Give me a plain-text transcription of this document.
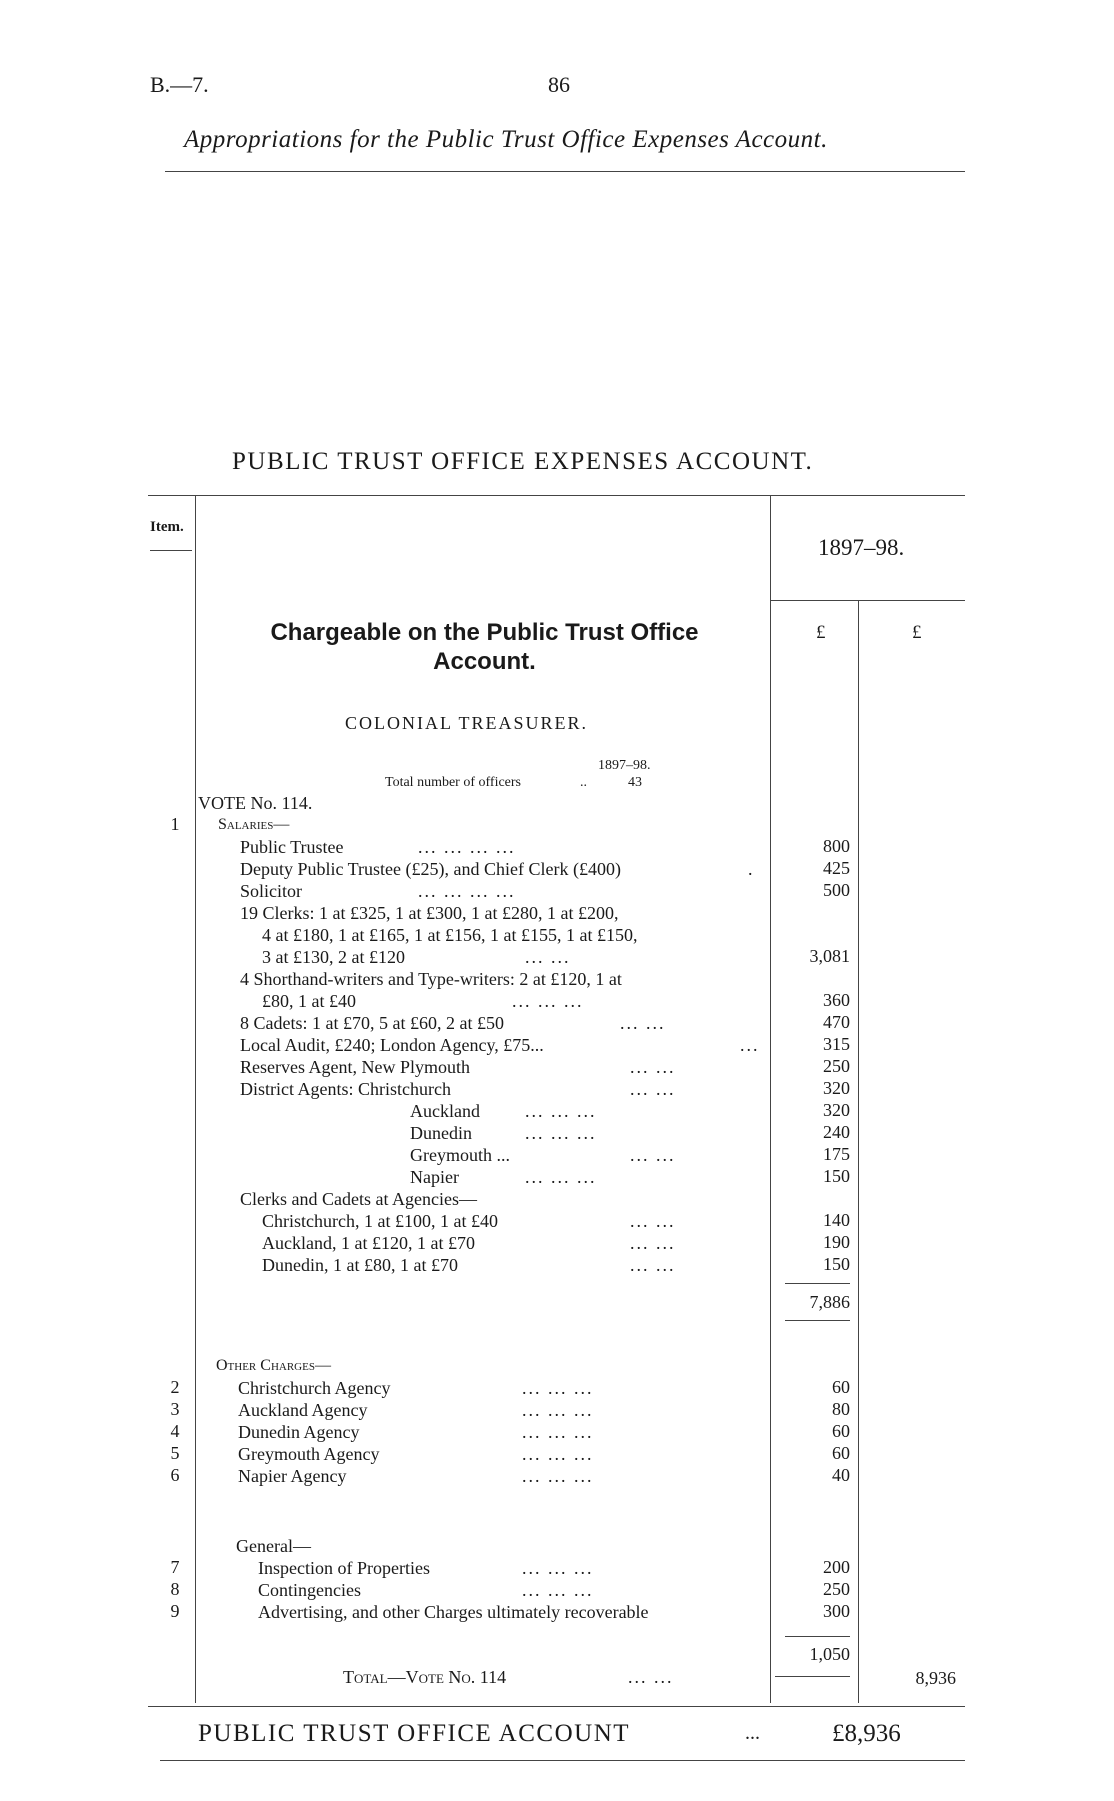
B.—7.	86
Appropriations for the Public Trust Office Expenses Account.
PUBLIC TRUST OFFICE EXPENSES ACCOUNT.
Item.
1897–98.
£	£
Chargeable on the Public Trust Office Account.
COLONIAL TREASURER.
1897–98.
Total number of officers	..	43
VOTE No. 114.
1	Salaries—
Public Trustee	... ... ... ...	800
Deputy Public Trustee (£25), and Chief Clerk (£400)	.	425
Solicitor	... ... ... ...	500
19 Clerks: 1 at £325, 1 at £300, 1 at £280, 1 at £200,
4 at £180, 1 at £165, 1 at £156, 1 at £155, 1 at £150,
3 at £130, 2 at £120	... ...	3,081
4 Shorthand-writers and Type-writers: 2 at £120, 1 at
£80, 1 at £40	... ... ...	360
8 Cadets: 1 at £70, 5 at £60, 2 at £50	... ...	470
Local Audit, £240; London Agency, £75...	...	315
Reserves Agent, New Plymouth	... ...	250
District Agents: Christchurch	... ...	320
Auckland	... ... ...	320
Dunedin	... ... ...	240
Greymouth ...	... ...	175
Napier	... ... ...	150
Clerks and Cadets at Agencies—
Christchurch, 1 at £100, 1 at £40	... ...	140
Auckland, 1 at £120, 1 at £70	... ...	190
Dunedin, 1 at £80, 1 at £70	... ...	150
7,886
Other Charges—
2	Christchurch Agency	... ... ...	60
3	Auckland Agency	... ... ...	80
4	Dunedin Agency	... ... ...	60
5	Greymouth Agency	... ... ...	60
6	Napier Agency	... ... ...	40
General—
7	Inspection of Properties	... ... ...	200
8	Contingencies	... ... ...	250
9	Advertising, and other Charges ultimately recoverable	300
1,050
Total—Vote No. 114	... ...	8,936
PUBLIC TRUST OFFICE ACCOUNT	...	£8,936
